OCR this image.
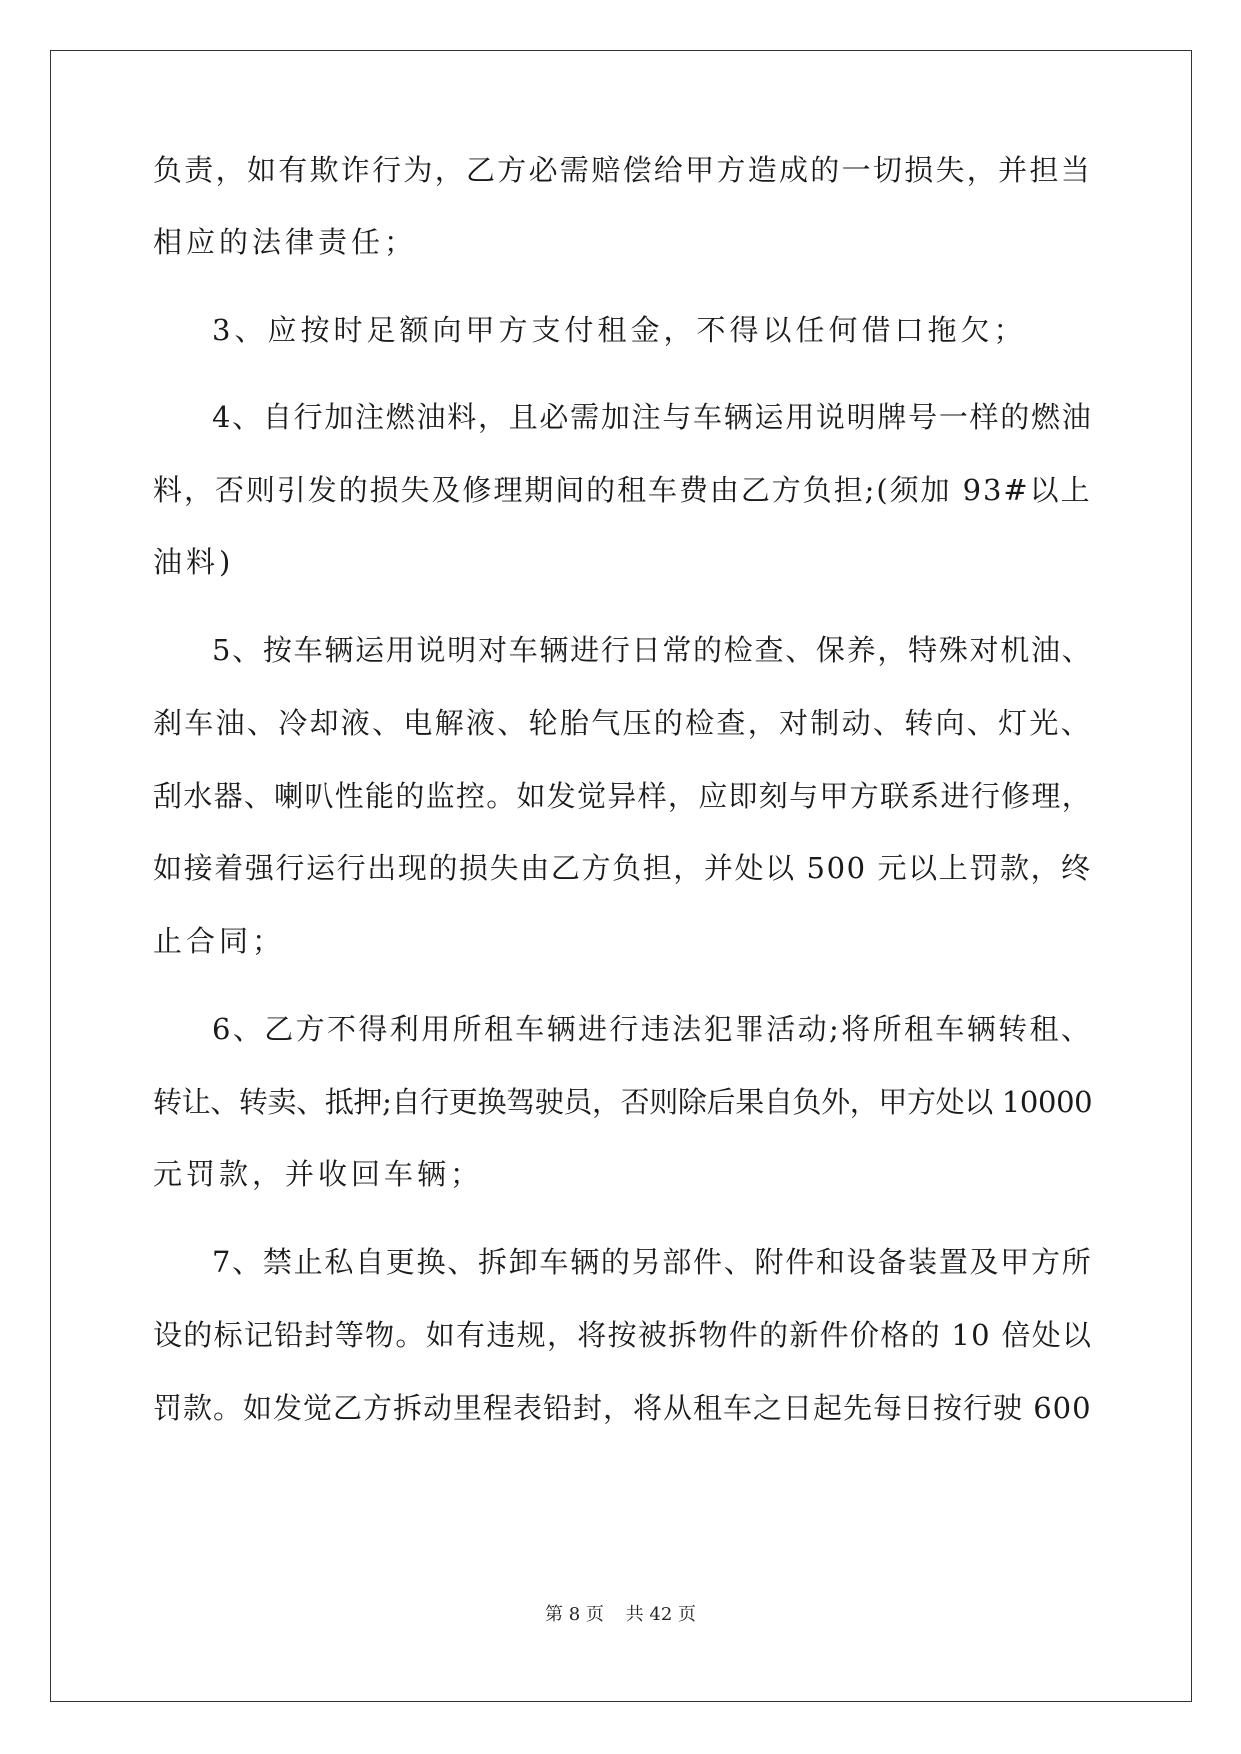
负责，如有欺诈行为，乙方必需赔偿给甲方造成的一切损失，并担当
相应的法律责任；
3、应按时足额向甲方支付租金，不得以任何借口拖欠；
4、自行加注燃油料，且必需加注与车辆运用说明牌号一样的燃油
料，否则引发的损失及修理期间的租车费由乙方负担;(须加 93#以上
油料)
5、按车辆运用说明对车辆进行日常的检查、保养，特殊对机油、
刹车油、冷却液、电解液、轮胎气压的检查，对制动、转向、灯光、
刮水器、喇叭性能的监控。如发觉异样，应即刻与甲方联系进行修理，
如接着强行运行出现的损失由乙方负担，并处以 500 元以上罚款，终
止合同；
6、乙方不得利用所租车辆进行违法犯罪活动;将所租车辆转租、
转让、转卖、抵押;自行更换驾驶员，否则除后果自负外，甲方处以 10000
元罚款，并收回车辆；
7、禁止私自更换、拆卸车辆的另部件、附件和设备装置及甲方所
设的标记铅封等物。如有违规，将按被拆物件的新件价格的 10 倍处以
罚款。如发觉乙方拆动里程表铅封，将从租车之日起先每日按行驶 600
第 8 页 共 42 页
